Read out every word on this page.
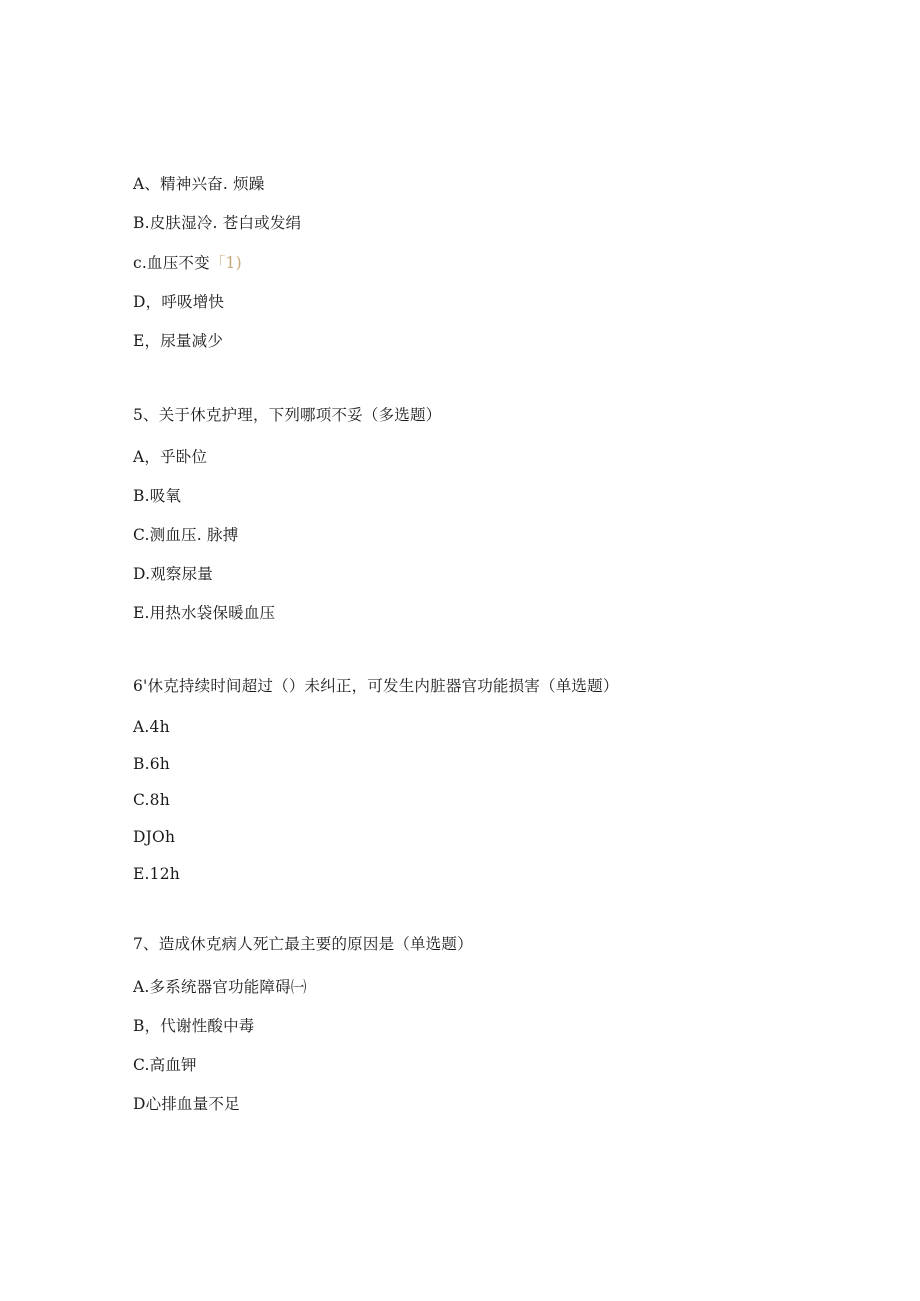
A、精神兴奋. 烦躁
B.皮肤湿冷. 苍白或发绢
c.血压不变「1)
D，呼吸增快
E，尿量减少
5、关于休克护理，下列哪项不妥（多选题）
A，乎卧位
B.吸氧
C.测血压. 脉搏
D.观察尿量
E.用热水袋保暖血压
6'休克持续时间超过（）未纠正，可发生内脏器官功能损害（单选题）
A.4h
B.6h
C.8h
DJOh
E.12h
7、造成休克病人死亡最主要的原因是（单选题）
A.多系统器官功能障碍㈠
B，代谢性酸中毒
C.高血钾
D心排血量不足
